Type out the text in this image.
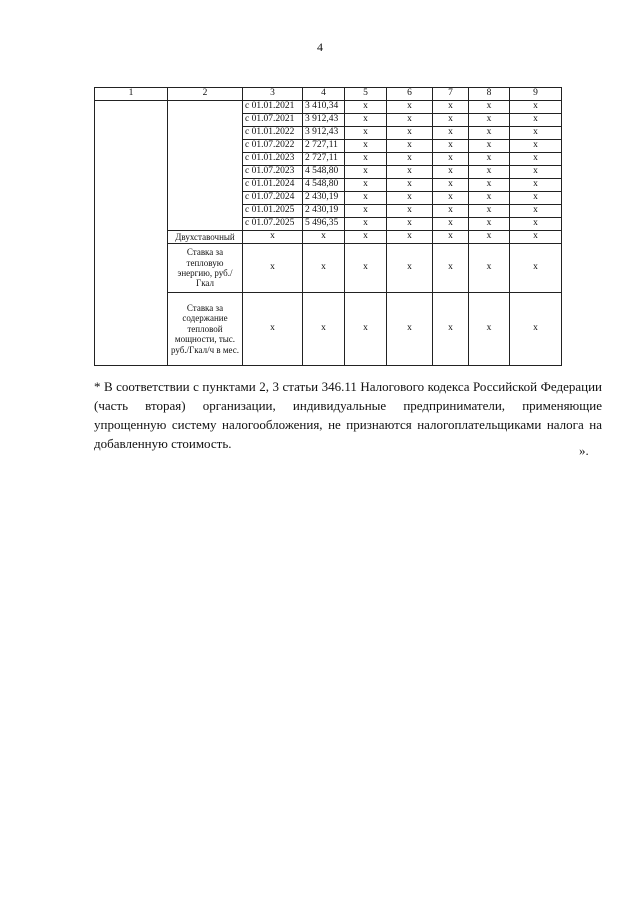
4
1	2	3	4	5	6	7	8	9
		с 01.01.2021	3 410,34	x	x	x	x	x
		с 01.07.2021	3 912,43	x	x	x	x	x
		с 01.01.2022	3 912,43	x	x	x	x	x
		с 01.07.2022	2 727,11	x	x	x	x	x
		с 01.01.2023	2 727,11	x	x	x	x	x
		с 01.07.2023	4 548,80	x	x	x	x	x
		с 01.01.2024	4 548,80	x	x	x	x	x
		с 01.07.2024	2 430,19	x	x	x	x	x
		с 01.01.2025	2 430,19	x	x	x	x	x
		с 01.07.2025	5 496,35	x	x	x	x	x
	Двухставочный	x	x	x	x	x	x	x
	Ставка за тепловую энергию, руб./Гкал	x	x	x	x	x	x	x
	Ставка за содержание тепловой мощности, тыс. руб./Гкал/ч в мес.	x	x	x	x	x	x	x
* В соответствии с пунктами 2, 3 статьи 346.11 Налогового кодекса Российской Федерации (часть вторая) организации, индивидуальные предприниматели, применяющие упрощенную систему налогообложения, не признаются налогоплательщиками налога на добавленную стоимость.	».
